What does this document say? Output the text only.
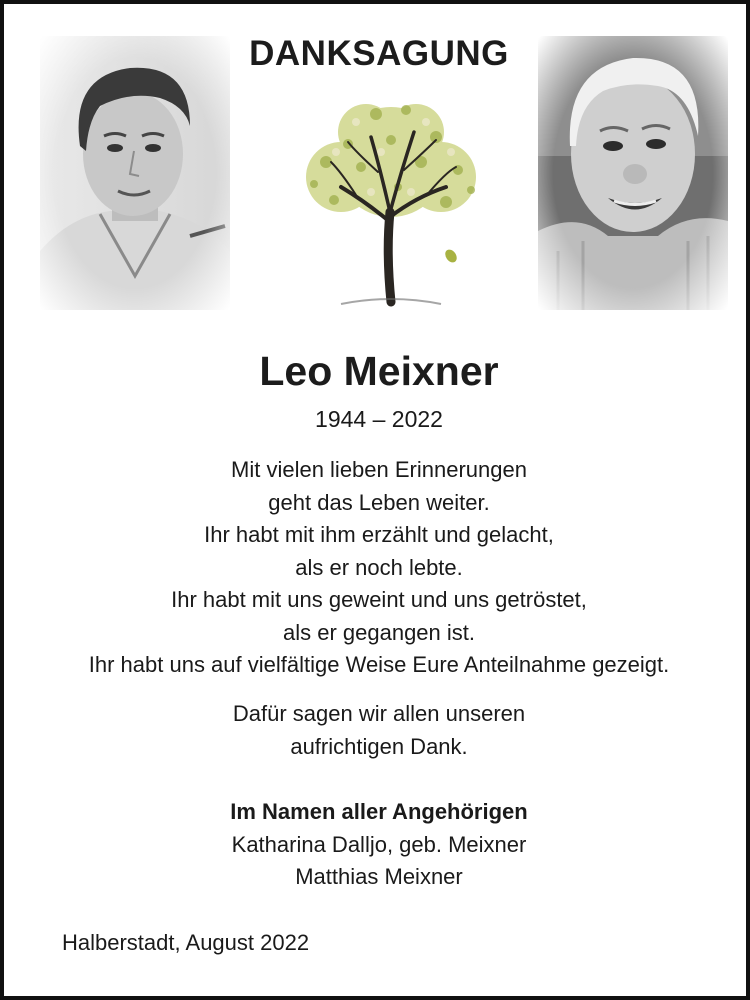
DANKSAGUNG
Leo Meixner
1944 – 2022
Mit vielen lieben Erinnerungen
geht das Leben weiter.
Ihr habt mit ihm erzählt und gelacht,
als er noch lebte.
Ihr habt mit uns geweint und uns getröstet,
als er gegangen ist.
Ihr habt uns auf vielfältige Weise Eure Anteilnahme gezeigt.
Dafür sagen wir allen unseren
aufrichtigen Dank.
Im Namen aller Angehörigen
Katharina Dalljo, geb. Meixner
Matthias Meixner
Halberstadt, August 2022
